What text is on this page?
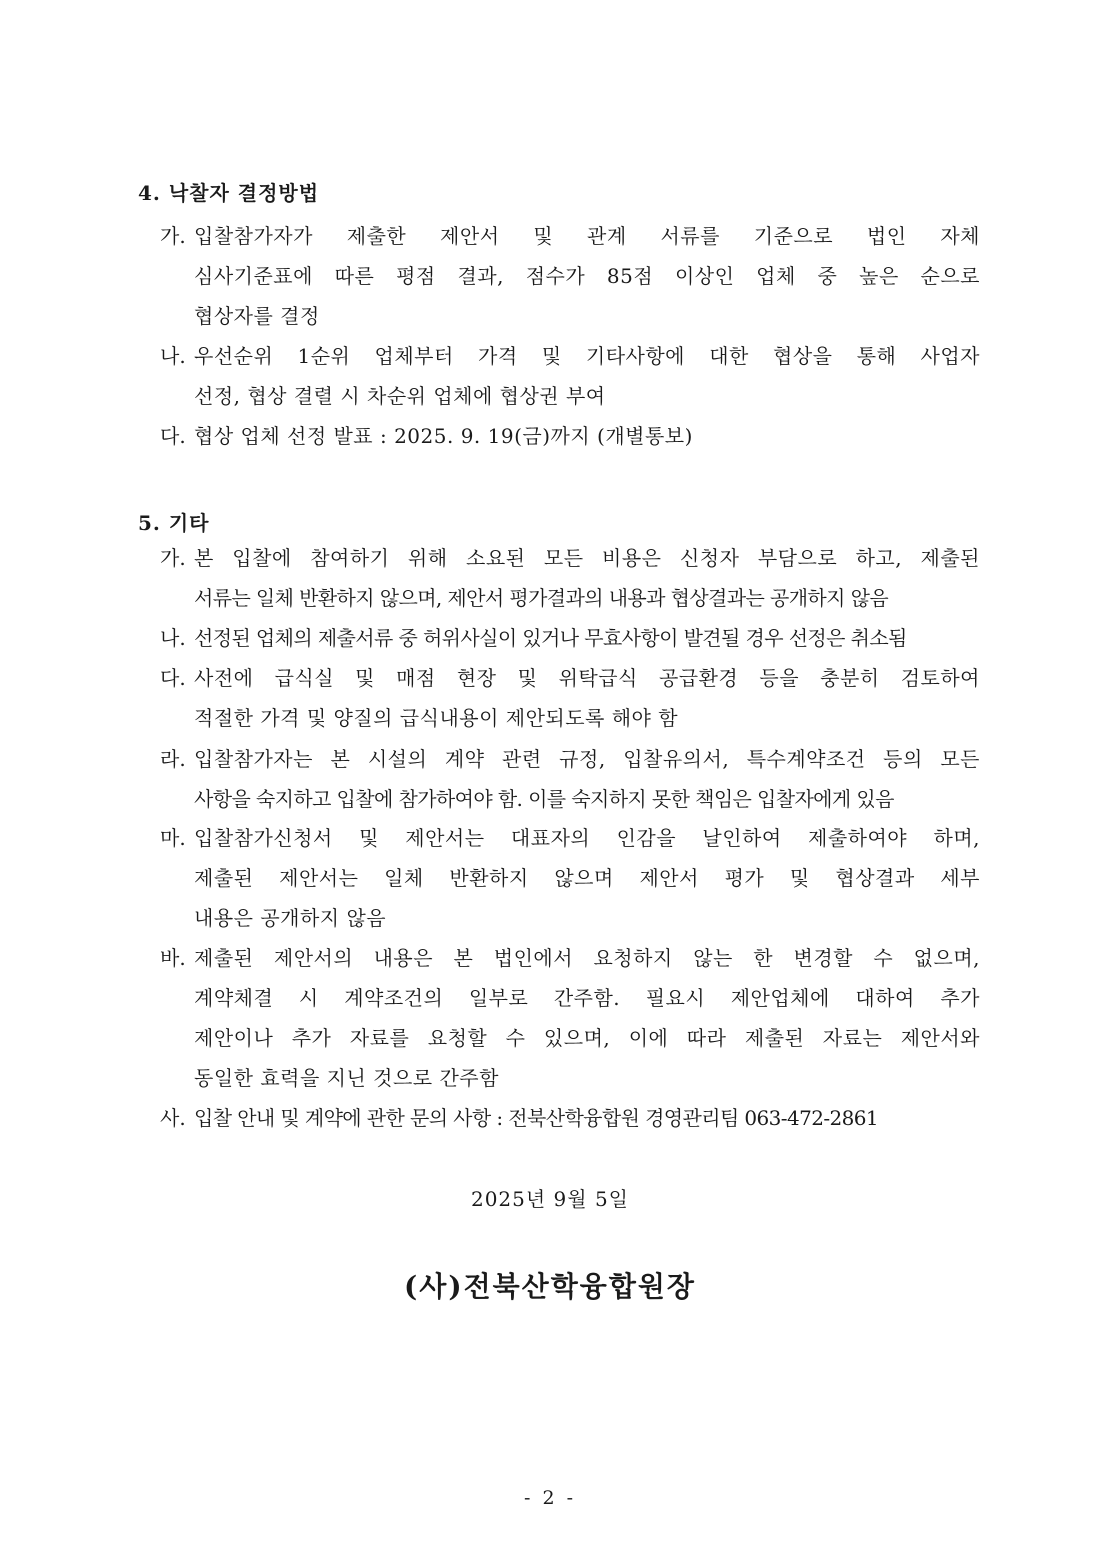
4. 낙찰자 결정방법
가. 입찰참가자가 제출한 제안서 및 관계 서류를 기준으로 법인 자체
심사기준표에 따른 평점 결과, 점수가 85점 이상인 업체 중 높은 순으로
협상자를 결정
나. 우선순위 1순위 업체부터 가격 및 기타사항에 대한 협상을 통해 사업자
선정, 협상 결렬 시 차순위 업체에 협상권 부여
다. 협상 업체 선정 발표 : 2025. 9. 19(금)까지 (개별통보)
5. 기타
가. 본 입찰에 참여하기 위해 소요된 모든 비용은 신청자 부담으로 하고, 제출된
서류는 일체 반환하지 않으며, 제안서 평가결과의 내용과 협상결과는 공개하지 않음
나. 선정된 업체의 제출서류 중 허위사실이 있거나 무효사항이 발견될 경우 선정은 취소됨
다. 사전에 급식실 및 매점 현장 및 위탁급식 공급환경 등을 충분히 검토하여
적절한 가격 및 양질의 급식내용이 제안되도록 해야 함
라. 입찰참가자는 본 시설의 계약 관련 규정, 입찰유의서, 특수계약조건 등의 모든
사항을 숙지하고 입찰에 참가하여야 함. 이를 숙지하지 못한 책임은 입찰자에게 있음
마. 입찰참가신청서 및 제안서는 대표자의 인감을 날인하여 제출하여야 하며,
제출된 제안서는 일체 반환하지 않으며 제안서 평가 및 협상결과 세부
내용은 공개하지 않음
바. 제출된 제안서의 내용은 본 법인에서 요청하지 않는 한 변경할 수 없으며,
계약체결 시 계약조건의 일부로 간주함. 필요시 제안업체에 대하여 추가
제안이나 추가 자료를 요청할 수 있으며, 이에 따라 제출된 자료는 제안서와
동일한 효력을 지닌 것으로 간주함
사. 입찰 안내 및 계약에 관한 문의 사항 : 전북산학융합원 경영관리팀 063-472-2861
2025년 9월 5일
(사)전북산학융합원장
- 2 -
